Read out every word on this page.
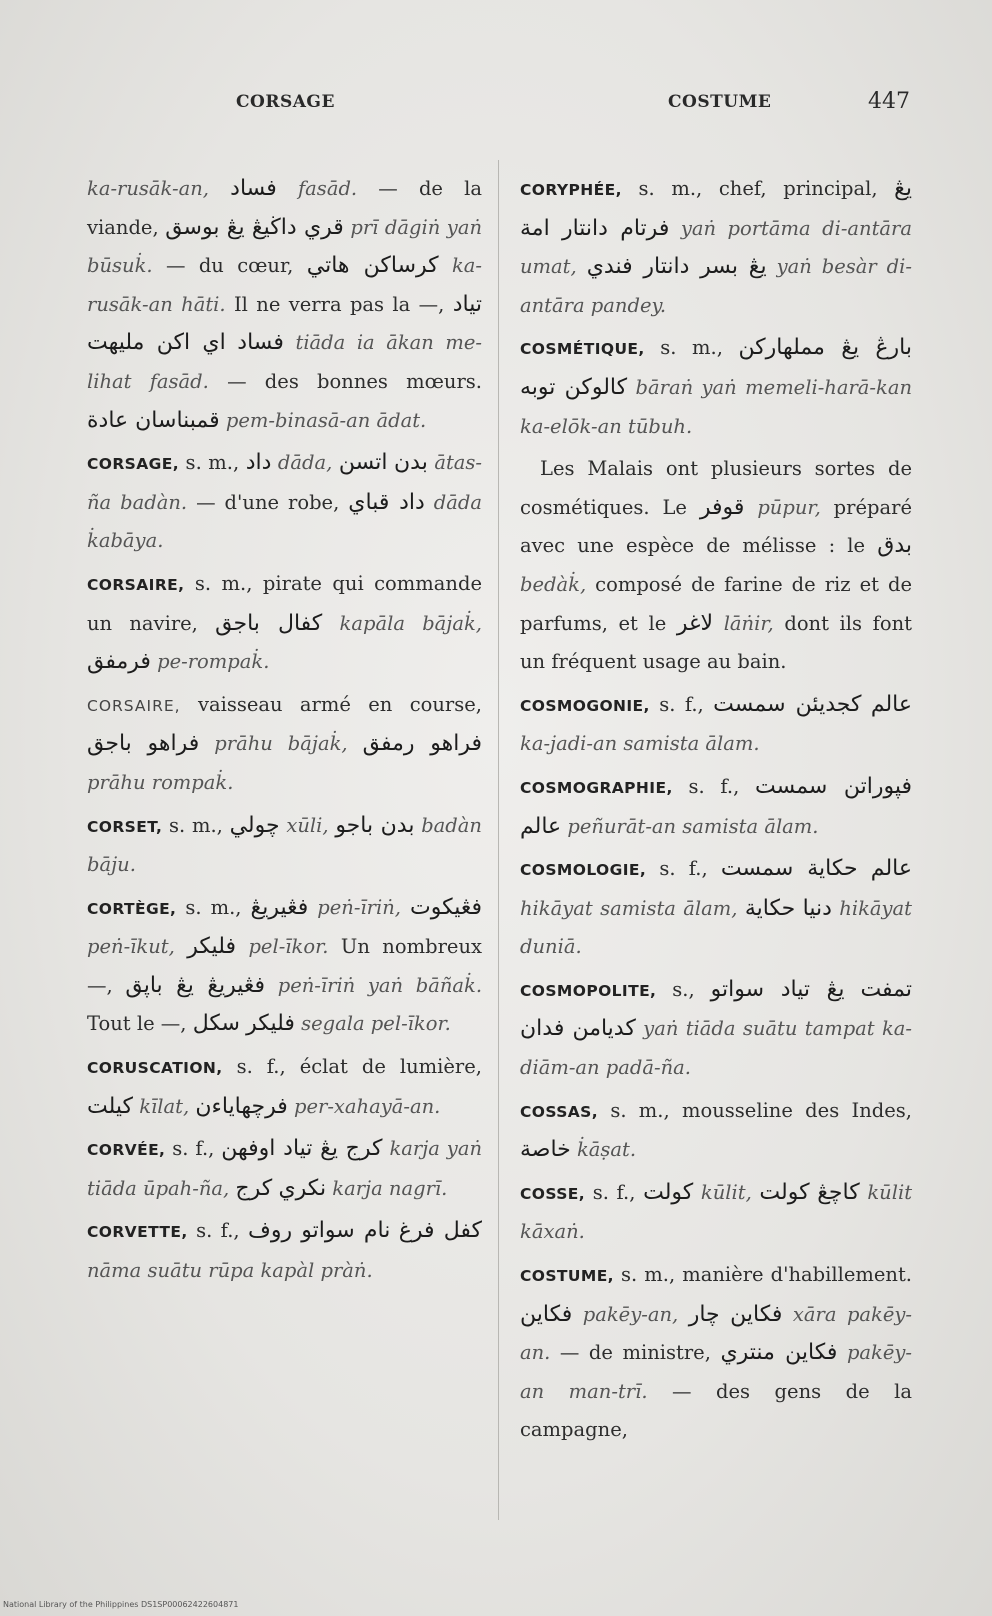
CORSAGE	COSTUME	447

ka-rusāk-an, فساد fasād. — de la viande, قري داڬيڠ يڠ بوسق prī dāgiṅ yaṅ būsuk̇. — du cœur, کرساکن هاتي ka-rusāk-an hāti. Il ne verra pas la —, تياد اي اکن مليهت فساد tiāda ia ākan me-lihat fasād. — des bonnes mœurs. قمبناسان عادة pem-binasā-an ādat.

CORSAGE, s. m., داد dāda, اتسن بدن ātas-ña badàn. — d'une robe, داد قباي dāda k̇abāya.

CORSAIRE, s. m., pirate qui commande un navire, کفال باجق kapāla bājak̇, فرمفق pe-rompak̇.

CORSAIRE, vaisseau armé en course, فراهو باجق prāhu bājak̇, فراهو رمفق prāhu rompak̇.

CORSET, s. m., چولي xūli, بدن باجو badàn bāju.

CORTÈGE, s. m., فڠيريڠ peṅ-īriṅ, فڠيکوت peṅ-īkut, فليکر pel-īkor. Un nombreux —, فڠيريڠ يڠ باڽق peṅ-īriṅ yaṅ bāñak̇. Tout le —, سکل فليکر segala pel-īkor.

CORUSCATION, s. f., éclat de lumière, کيلت kīlat, فرچهاياءن per-xahayā-an.

CORVÉE, s. f., کرج يڠ تياد اوفهن karja yaṅ tiāda ūpah-ña, کرج نکري karja nagrī.

CORVETTE, s. f., نام سواتو روف کفل فرغ nāma suātu rūpa kapàl pràṅ.

CORYPHÉE, s. m., chef, principal, يڠ فرتام دانتار امة yaṅ portāma di-antāra umat, يڠ بسر دانتار فندي yaṅ besàr di-antāra pandey.

COSMÉTIQUE, s. m., بارڠ يڠ مملهارکن کالوکن توبه bāraṅ yaṅ memeli-harā-kan ka-elōk-an tūbuh.

Les Malais ont plusieurs sortes de cosmétiques. Le قوفر pūpur, préparé avec une espèce de mélisse : le بدق bedàk̇, composé de farine de riz et de parfums, et le لاغر lāṅir, dont ils font un fréquent usage au bain.

COSMOGONIE, s. f., کجديئن سمست عالم ka-jadi-an samista ālam.

COSMOGRAPHIE, s. f., فڽوراتن سمست عالم peñurāt-an samista ālam.

COSMOLOGIE, s. f., حکاية سمست عالم hikāyat samista ālam, حکاية دنيا hikāyat duniā.

COSMOPOLITE, s., يڠ تياد سواتو تمفت کديامن فدان yaṅ tiāda suātu tampat ka-diām-an padā-ña.

COSSAS, s. m., mousseline des Indes, خاصة k̇āṣat.

COSSE, s. f., کولت kūlit, کولت کاچڠ kūlit kāxaṅ.

COSTUME, s. m., manière d'habillement. فکاين pakēy-an, چار فکاين xāra pakēy-an. — de ministre, فکاين منتري pakēy-an man-trī. — des gens de la campagne,

National Library of the Philippines DS1SP00062422604871
